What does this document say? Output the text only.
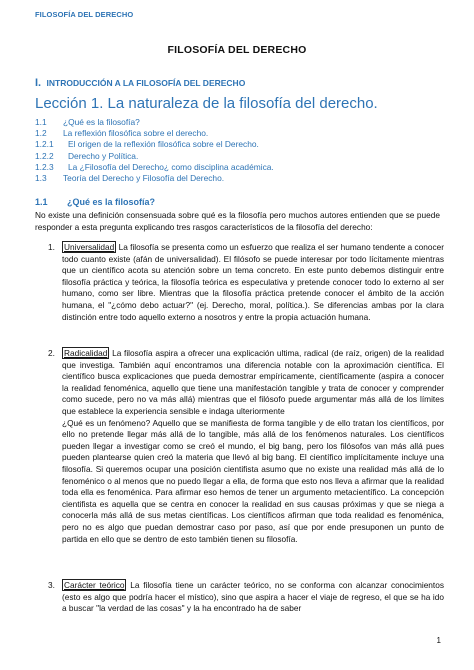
FILOSOFÍA DEL DERECHO
FILOSOFÍA DEL DERECHO
I. INTRODUCCIÓN A LA FILOSOFÍA DEL DERECHO
Lección 1. La naturaleza de la filosofía del derecho.
1.1	¿Qué es la filosofía?
1.2	La reflexión filosófica sobre el derecho.
1.2.1	El origen de la reflexión filosófica sobre el Derecho.
1.2.2	Derecho y Política.
1.2.3	La ¿Filosofía del Derecho¿ como disciplina académica.
1.3	Teoría del Derecho y Filosofía del Derecho.
1.1 ¿Qué es la filosofía?
No existe una definición consensuada sobre qué es la filosofía pero muchos autores entienden que se puede responder a esta pregunta explicando tres rasgos característicos de la filosofía del derecho:
1.	Universalidad La filosofía se presenta como un esfuerzo que realiza el ser humano tendente a conocer todo cuanto existe (afán de universalidad). El filósofo se puede interesar por todo lícitamente mientras que un científico acota su atención sobre un tema concreto. En este punto debemos distinguir entre filosofía práctica y teórica, la filosofía teórica es especulativa y pretende conocer todo lo externo al ser humano, como ser libre. Mientras que la filosofía práctica pretende conocer el ámbito de la acción humana, el "¿cómo debo actuar?" (ej. Derecho, moral, política.). Se diferencias ambas por la clara distinción entre todo aquello externo a nosotros y entre la propia actuación humana.

2.	Radicalidad La filosofía aspira a ofrecer una explicación ultima, radical (de raíz, origen) de la realidad que investiga. También aquí encontramos una diferencia notable con la aproximación científica. El científico busca explicaciones que pueda demostrar empíricamente, científicamente (aspira a conocer la realidad fenoménica, aquello que tiene una manifestación tangible y trata de conocer y comprender como sucede, pero no va más allá) mientras que el filósofo puede argumentar más allá de los límites que establece la experiencia sensible e indaga ulteriormente

¿Qué es un fenómeno? Aquello que se manifiesta de forma tangible y de ello tratan los científicos, por ello no pretende llegar más allá de lo tangible, más allá de los fenómenos naturales. Los científicos pueden llegar a investigar como se creó el mundo, el big bang, pero los filósofos van más allá pues pueden plantearse quien creó la materia que llevó al big bang. El científico implícitamente incluye una filosofía. Si queremos ocupar una posición cientifista asumo que no existe una realidad más allá de lo fenoménico o al menos que no puedo llegar a ella, de forma que esto nos lleva a afirmar que la realidad toda ella es fenoménica. Para afirmar eso hemos de tener un argumento metacientífico. La concepción cientifista es aquella que se centra en conocer la realidad en sus causas próximas y que se niega a conocerla más allá de sus metas científicas. Los científicos afirman que toda realidad es fenoménica, pero no es algo que puedan demostrar caso por paso, así que por ende presuponen un punto de partida en ello que se dentro de esto también tienen su filosofía.

3.	Carácter teórico La filosofía tiene un carácter teórico, no se conforma con alcanzar conocimientos (esto es algo que podría hacer el místico), sino que aspira a hacer el viaje de regreso, el que se ha ido a buscar "la verdad de las cosas" y la ha encontrado ha de saber

1
